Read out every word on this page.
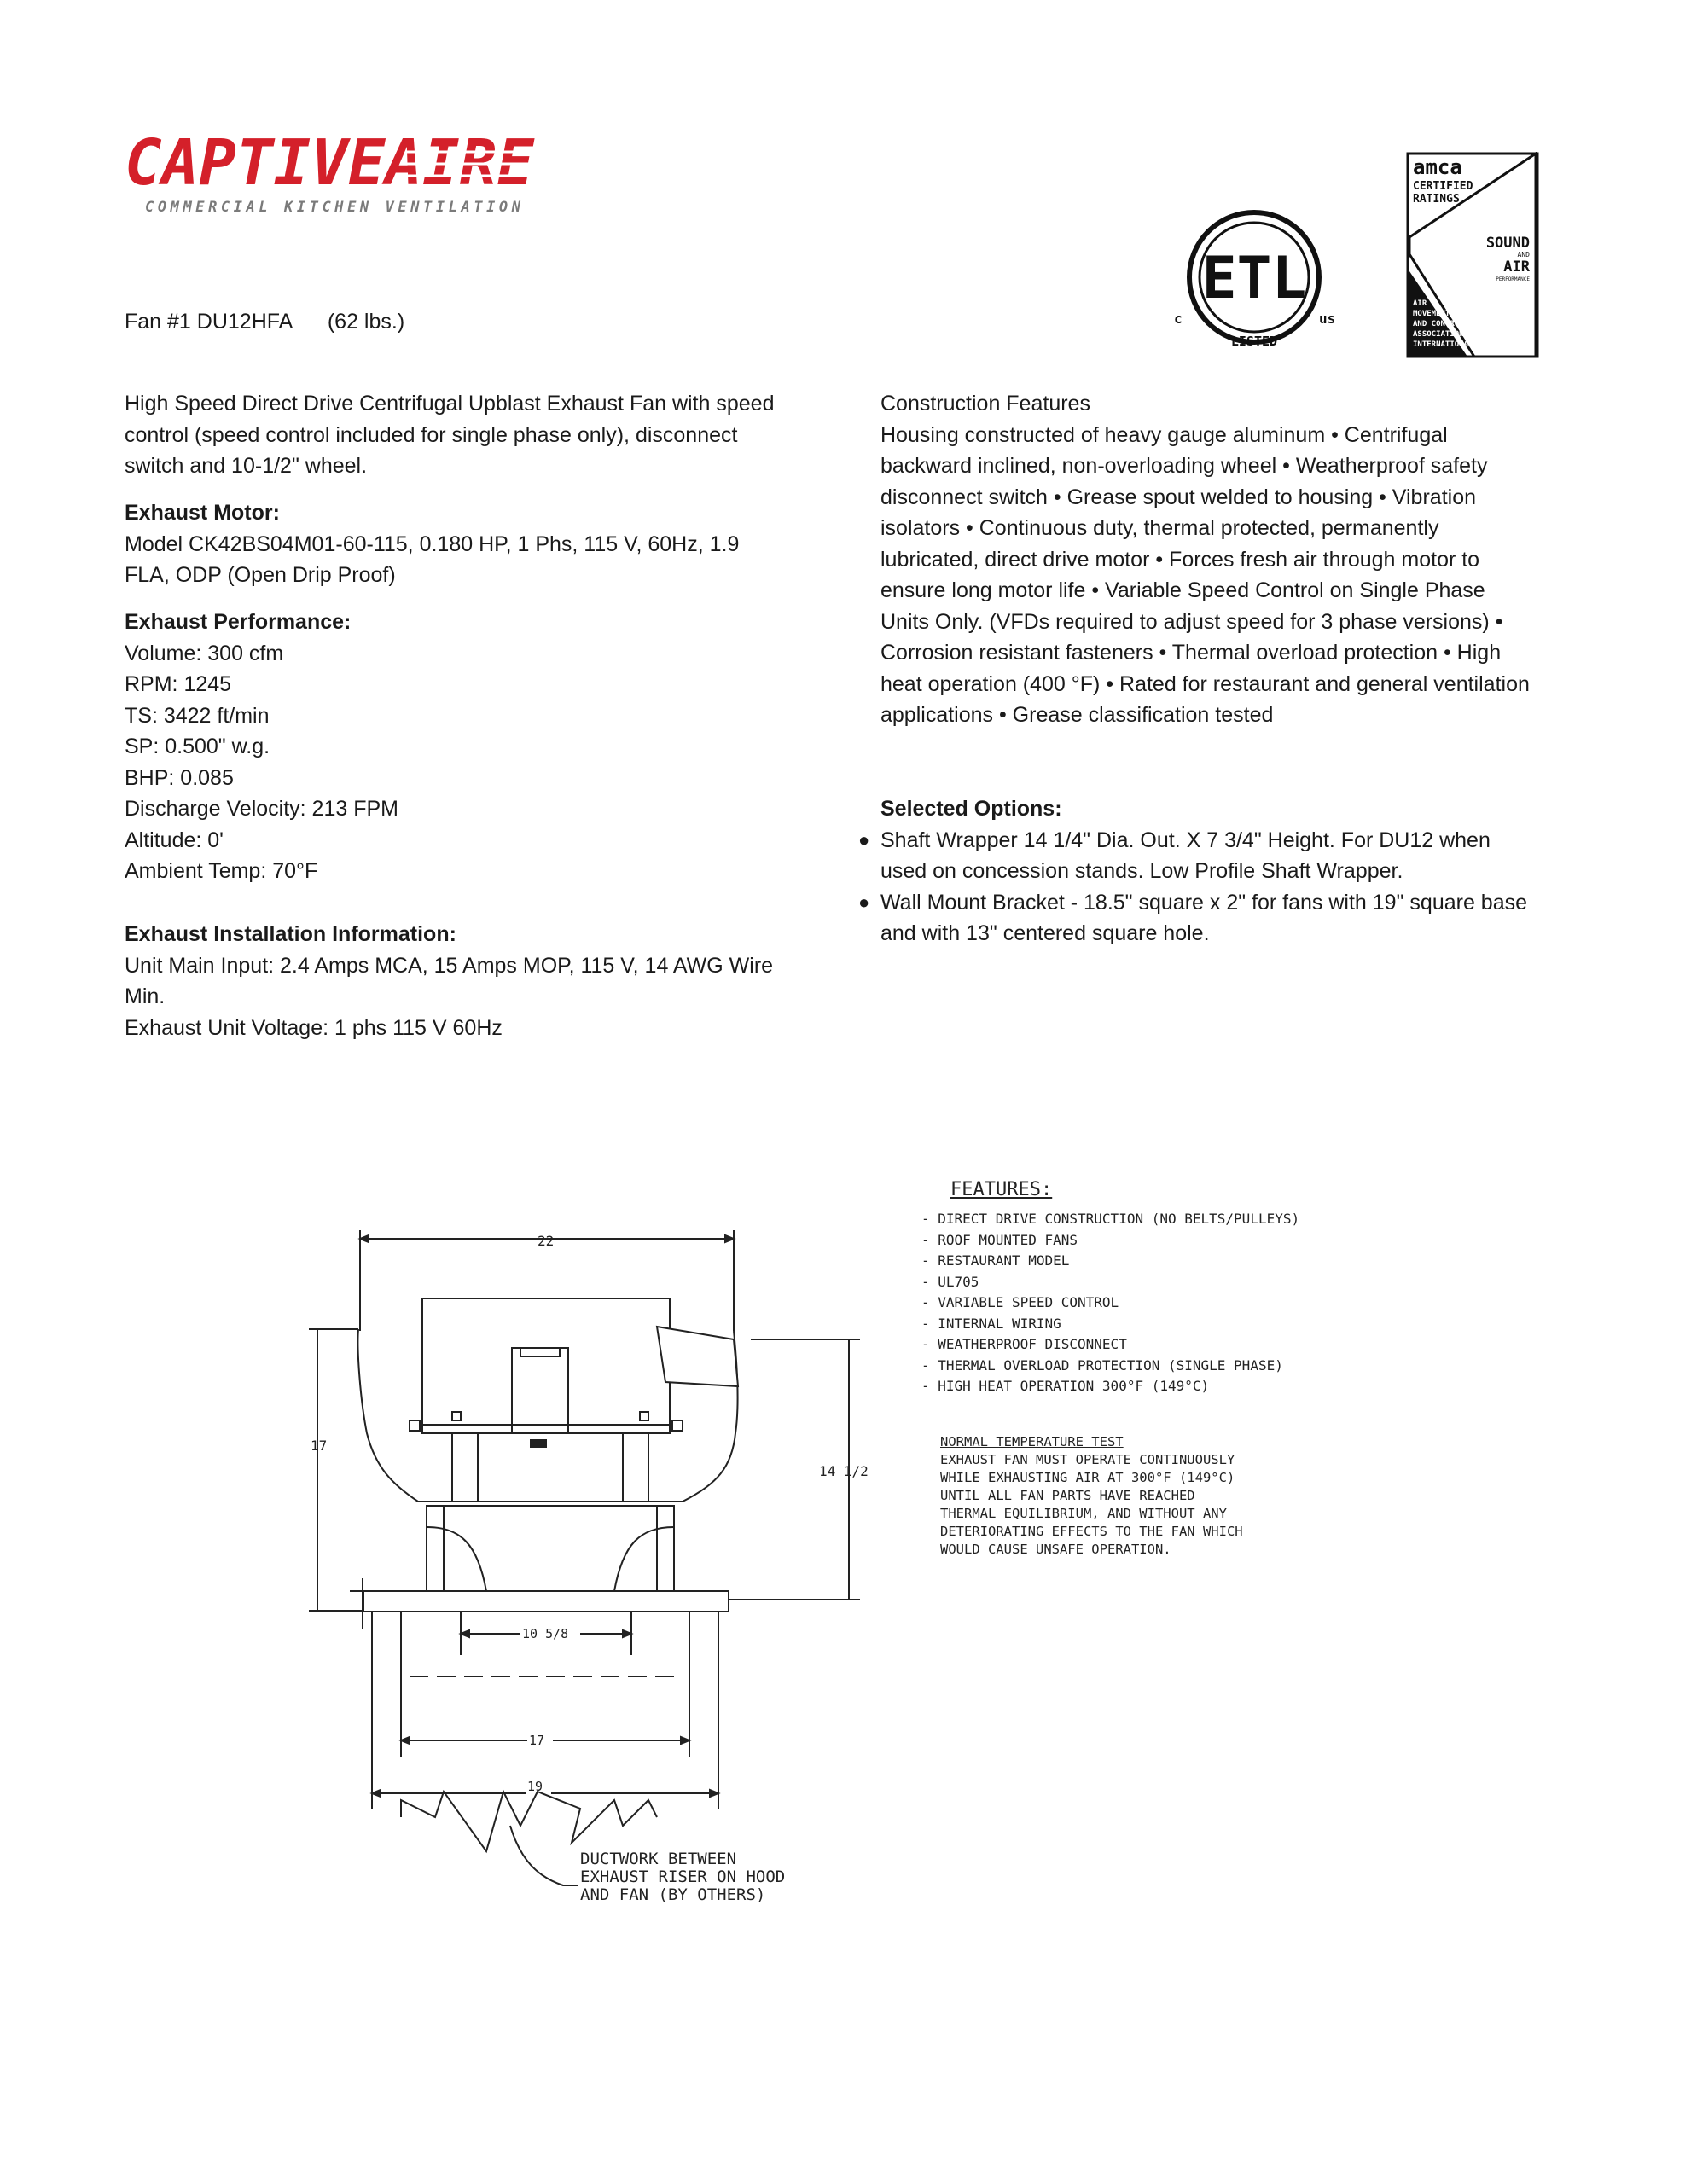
CAPTIVEAIRE
COMMERCIAL KITCHEN VENTILATION
ETL
c	us
LISTED
amca
CERTIFIED
RATINGS
SOUND
AND
AIR
PERFORMANCE
AIR
MOVEMENT
AND CONTROL
ASSOCIATION
INTERNATIONAL, INC.
Fan #1 DU12HFA (62 lbs.)
High Speed Direct Drive Centrifugal Upblast Exhaust Fan with speed
control (speed control included for single phase only), disconnect
switch and 10-1/2" wheel.
Exhaust Motor:
Model CK42BS04M01-60-115, 0.180 HP, 1 Phs, 115 V, 60Hz, 1.9
FLA, ODP (Open Drip Proof)
Exhaust Performance:
Volume: 300 cfm
RPM: 1245
TS: 3422 ft/min
SP: 0.500" w.g.
BHP: 0.085
Discharge Velocity: 213 FPM
Altitude: 0'
Ambient Temp: 70°F
Exhaust Installation Information:
Unit Main Input: 2.4 Amps MCA, 15 Amps MOP, 115 V, 14 AWG Wire
Min.
Exhaust Unit Voltage: 1 phs 115 V 60Hz
Construction Features
Housing constructed of heavy gauge aluminum • Centrifugal
backward inclined, non-overloading wheel • Weatherproof safety
disconnect switch • Grease spout welded to housing • Vibration
isolators • Continuous duty, thermal protected, permanently
lubricated, direct drive motor • Forces fresh air through motor to
ensure long motor life • Variable Speed Control on Single Phase
Units Only. (VFDs required to adjust speed for 3 phase versions) •
Corrosion resistant fasteners • Thermal overload protection • High
heat operation (400 °F) • Rated for restaurant and general ventilation
applications • Grease classification tested
Selected Options:
● Shaft Wrapper 14 1/4" Dia. Out. X 7 3/4" Height. For DU12 when
used on concession stands. Low Profile Shaft Wrapper.
● Wall Mount Bracket - 18.5" square x 2" for fans with 19" square base
and with 13" centered square hole.
22
17
14 1/2
10 5/8
17
19
DUCTWORK BETWEEN
EXHAUST RISER ON HOOD
AND FAN (BY OTHERS)
FEATURES:
- DIRECT DRIVE CONSTRUCTION (NO BELTS/PULLEYS)
- ROOF MOUNTED FANS
- RESTAURANT MODEL
- UL705
- VARIABLE SPEED CONTROL
- INTERNAL WIRING
- WEATHERPROOF DISCONNECT
- THERMAL OVERLOAD PROTECTION (SINGLE PHASE)
- HIGH HEAT OPERATION 300°F (149°C)
NORMAL TEMPERATURE TEST
EXHAUST FAN MUST OPERATE CONTINUOUSLY
WHILE EXHAUSTING AIR AT 300°F (149°C)
UNTIL ALL FAN PARTS HAVE REACHED
THERMAL EQUILIBRIUM, AND WITHOUT ANY
DETERIORATING EFFECTS TO THE FAN WHICH
WOULD CAUSE UNSAFE OPERATION.
